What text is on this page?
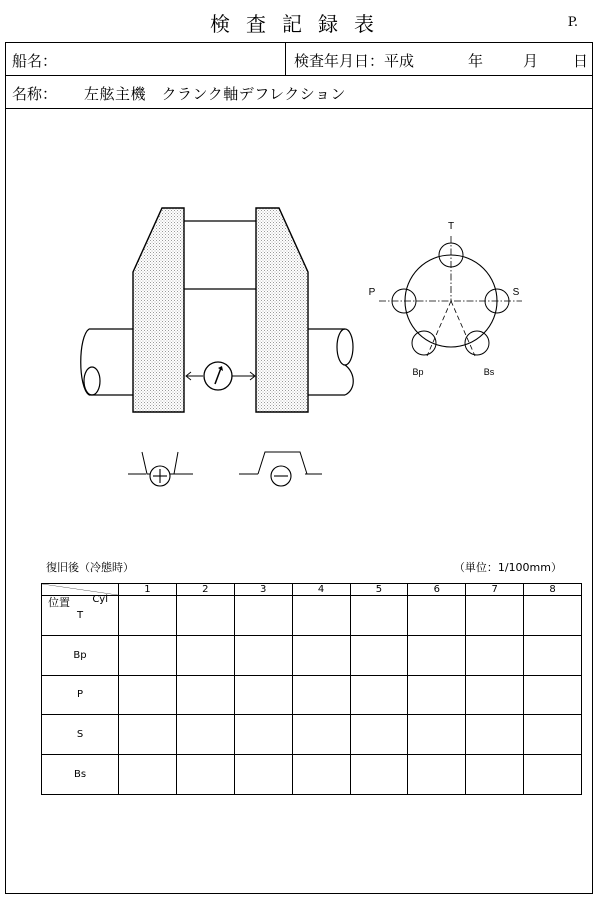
検査記録表	P.
船名：	検査年月日：平成	年	月 日
名称： 左舷主機　クランク軸デフレクション
T
P	S
Bp	Bs
復旧後（冷態時）	（単位：1/100mm）
位置 Cyl	1	2	3	4	5	6	7	8
T								
Bp								
P								
S								
Bs								
